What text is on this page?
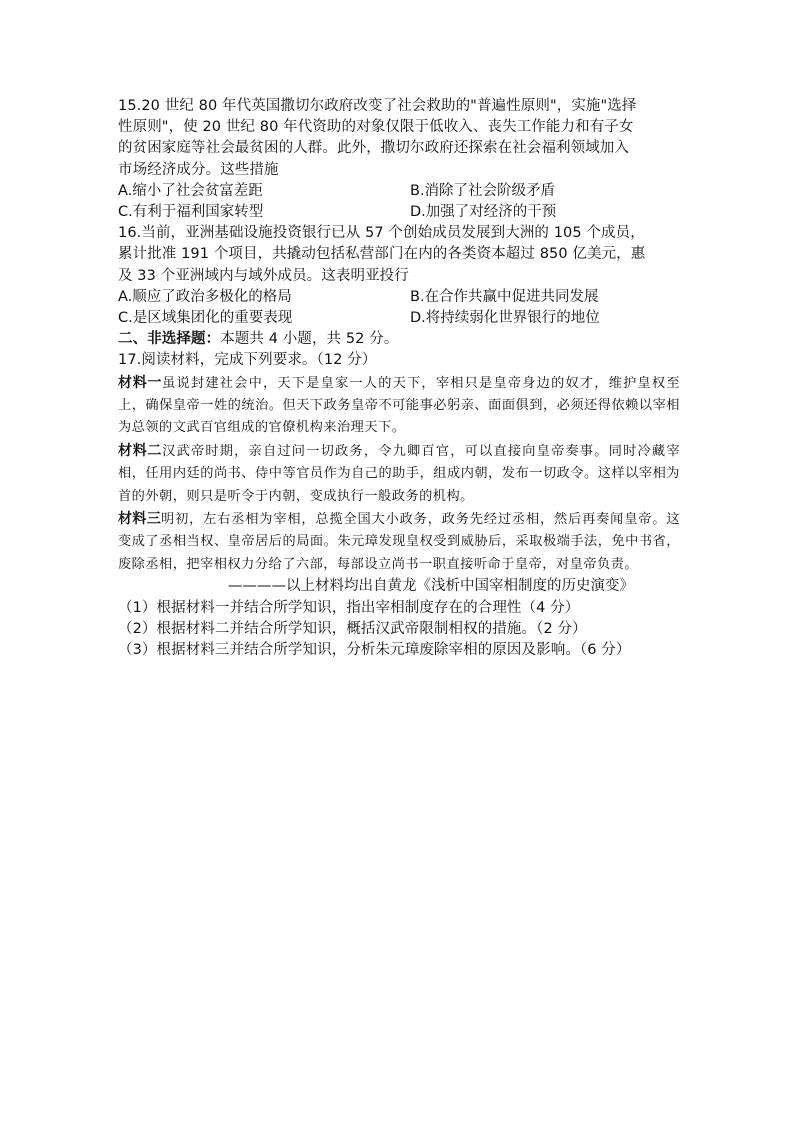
15.20 世纪 80 年代英国撒切尔政府改变了社会救助的"普遍性原则"，实施"选择
性原则"，使 20 世纪 80 年代资助的对象仅限于低收入、丧失工作能力和有子女
的贫困家庭等社会最贫困的人群。此外，撒切尔政府还探索在社会福利领域加入
市场经济成分。这些措施
A.缩小了社会贫富差距	B.消除了社会阶级矛盾
C.有利于福利国家转型	D.加强了对经济的干预
16.当前，亚洲基础设施投资银行已从 57 个创始成员发展到大洲的 105 个成员，
累计批准 191 个项目，共撬动包括私营部门在内的各类资本超过 850 亿美元，惠
及 33 个亚洲域内与域外成员。这表明亚投行
A.顺应了政治多极化的格局	B.在合作共赢中促进共同发展
C.是区域集团化的重要表现	D.将持续弱化世界银行的地位
二、非选择题：本题共 4 小题，共 52 分。
17.阅读材料，完成下列要求。（12 分）
材料一虽说封建社会中，天下是皇家一人的天下，宰相只是皇帝身边的奴才，维护皇权至上，确保皇帝一姓的统治。但天下政务皇帝不可能事必躬亲、面面俱到，必须还得依赖以宰相为总领的文武百官组成的官僚机构来治理天下。
材料二汉武帝时期，亲自过问一切政务，令九卿百官，可以直接向皇帝奏事。同时冷藏宰相，任用内廷的尚书、侍中等官员作为自己的助手，组成内朝，发布一切政令。这样以宰相为首的外朝，则只是听令于内朝，变成执行一般政务的机构。
材料三明初，左右丞相为宰相，总揽全国大小政务，政务先经过丞相，然后再奏闻皇帝。这变成了丞相当权、皇帝居后的局面。朱元璋发现皇权受到威胁后，采取极端手法，免中书省，废除丞相，把宰相权力分给了六部，每部设立尚书一职直接听命于皇帝，对皇帝负责。
————以上材料均出自黄龙《浅析中国宰相制度的历史演变》
（1）根据材料一并结合所学知识，指出宰相制度存在的合理性（4 分）
（2）根据材料二并结合所学知识，概括汉武帝限制相权的措施。（2 分）
（3）根据材料三并结合所学知识，分析朱元璋废除宰相的原因及影响。（6 分）
